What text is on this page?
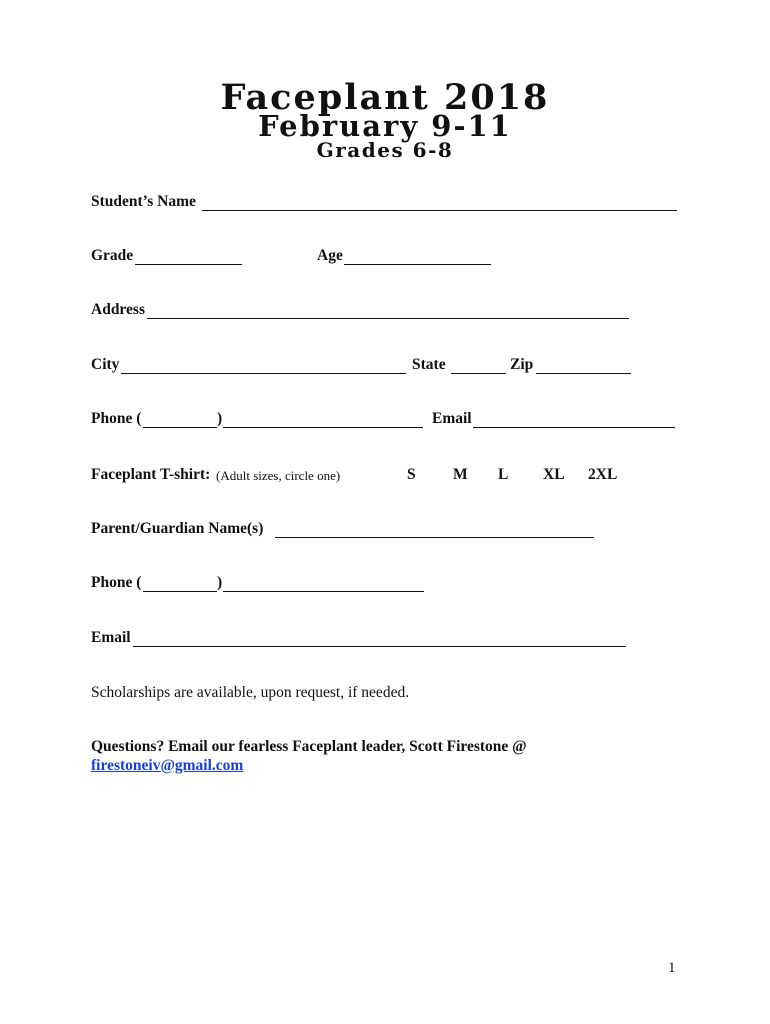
Faceplant 2018
February 9-11
Grades 6-8
Student’s Name
Grade	Age
Address
City	State	Zip
Phone (	)	Email
Faceplant T-shirt: (Adult sizes, circle one)	S M L XL 2XL
Parent/Guardian Name(s)
Phone (	)
Email
Scholarships are available, upon request, if needed.
Questions? Email our fearless Faceplant leader, Scott Firestone @
firestoneiv@gmail.com
1
